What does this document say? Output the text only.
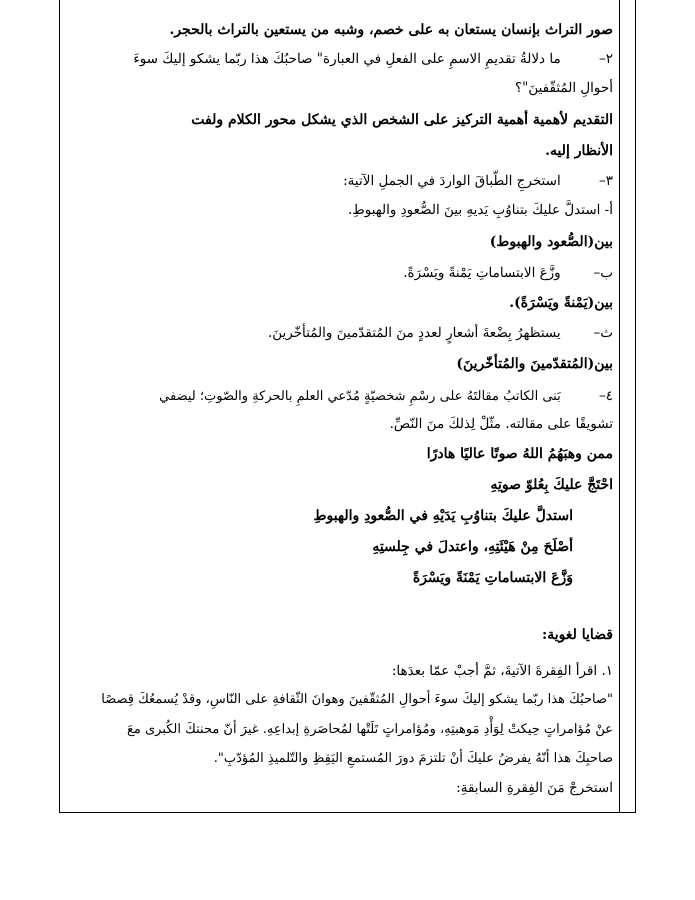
صور التراث بإنسان يستعان به على خصم، وشبه من يستعين بالتراث بالحجر.
٢– ما دلالةُ تقديمِ الاسمِ على الفعلِ في العبارة" صاحبُكَ هذا ربّما يشكو إليكَ سوءَ
أحوالِ المُثقّفينَ"؟
التقديم لأهمية أهمية التركيز على الشخص الذي يشكل محور الكلام ولفت
الأنظار إليه.
٣– استخرجِ الطّباقَ الواردَ في الجملِ الآتية:
أ- استدلَّ عليكَ بتناوُبِ يَديهِ بينَ الصُّعودِ والهبوطِ.
بين(الصُّعود والهبوط)
ب– وزَّعَ الابتساماتِ يَمْنةً ويَسْرَةً.
بين(يَمْنةً ويَسْرَةً).
ث– يستظهرُ بِضْعةَ أشعارٍ لعددٍ منَ المُتقدّمينَ والمُتأخّرينَ.
بين(المُتقدّمينَ والمُتأخّرينَ)
٤– بَنى الكاتبُ مقالتَهُ على رسْمِ شخصيّةٍ مُدّعي العلمِ بالحركةِ والصّوتِ؛ ليضفي
تشويقًا على مقالته. مثّلْ لِذلكَ منَ النّصِّ.
ممن وهبَهُمُ اللهُ صوتًا عاليًا هادرًا
احْتَجَّ عليكَ بِعُلوّ صوتِهِ
استدلَّ عليكَ بتناوُبِ يَدَيْهِ في الصُّعودِ والهبوطِ
أصْلَحَ مِنْ هَيْئَتِهِ، واعتدلَ في جِلستِهِ
وَزَّعَ الابتساماتِ يَمْنَةً ويَسْرَةً
قضايا لغوية:
١. اقرأ الفِقرةَ الآتيةَ، ثمَّ أجبْ عمّا بعدَها:
"صاحبُكَ هذا ربّما يشكو إليكَ سوءَ أحوالِ المُثقّفينَ وهوانَ الثّقافةِ على النّاسِ، وقدْ يُسمعُكَ قِصصًا
عنْ مُؤامراتٍ حِيكتْ لِوَأْدِ مَوهبتِهِ، ومُؤامراتٍ تَلَتْها لمُحاصَرةِ إبداعِهِ. غيرَ أنّ محنتكَ الكُبرى معَ
صاحبِكَ هذا أنّهُ يفرضُ عليكَ أنْ تلتزمَ دورَ المُستمعِ اليَقِظِ والتّلميذِ المُؤدّبِ".
استخرجْ مَنَ الفِقرةِ السابقةِ:
